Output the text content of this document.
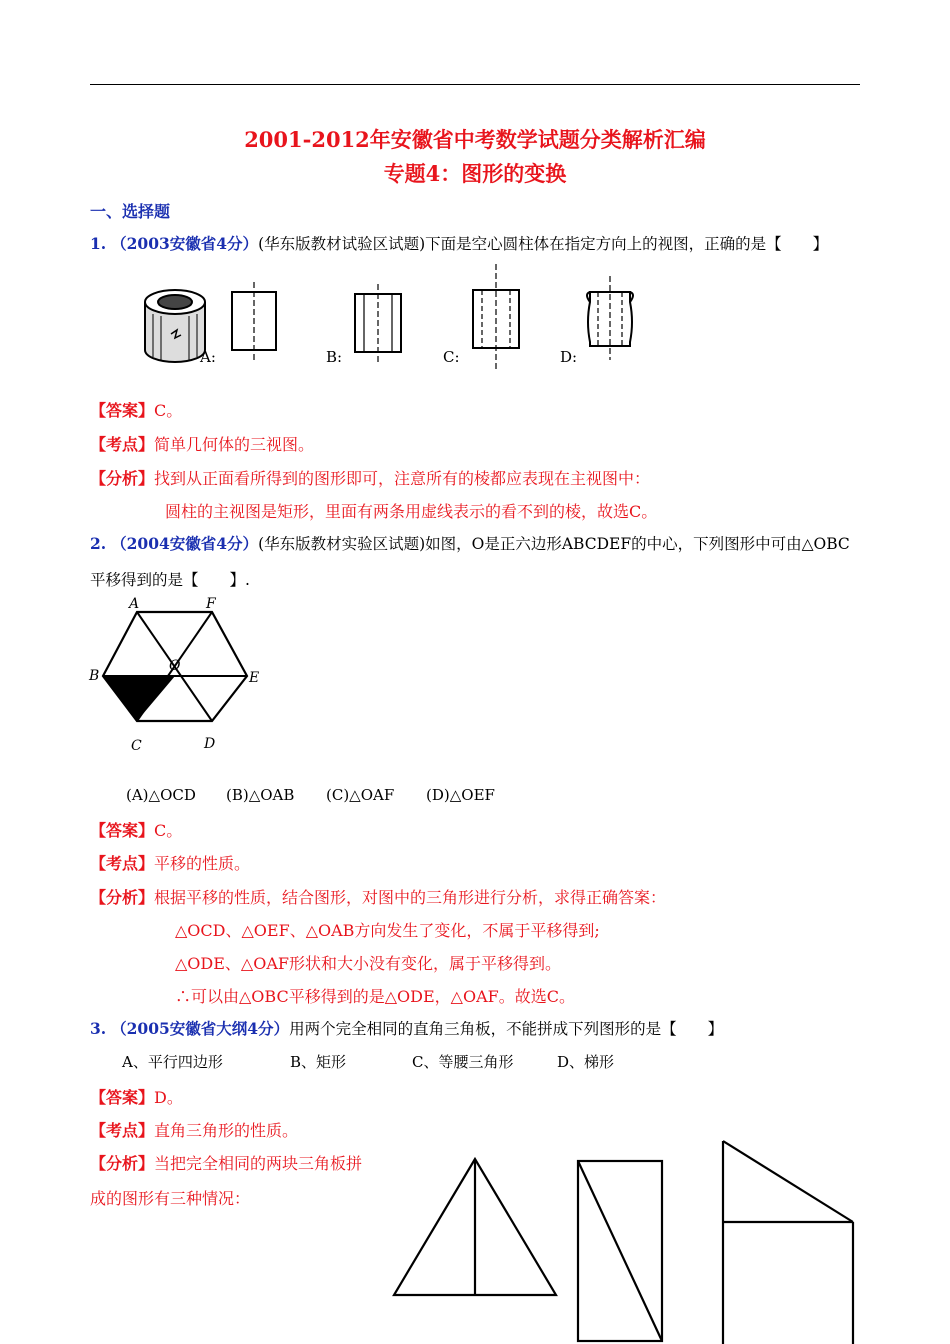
2001-2012年安徽省中考数学试题分类解析汇编
专题4：图形的变换
一、选择题
1. （2003安徽省4分）(华东版教材试验区试题)下面是空心圆柱体在指定方向上的视图，正确的是【　　】
A:	B:	C:	D:
【答案】C。
【考点】简单几何体的三视图。
【分析】找到从正面看所得到的图形即可，注意所有的棱都应表现在主视图中：
圆柱的主视图是矩形，里面有两条用虚线表示的看不到的棱，故选C。
2. （2004安徽省4分）(华东版教材实验区试题)如图，O是正六边形ABCDEF的中心，下列图形中可由△OBC
平移得到的是【　　】.
A	F
B
O
E
C	D
(A)△OCD (B)△OAB (C)△OAF (D)△OEF
【答案】C。
【考点】平移的性质。
【分析】根据平移的性质，结合图形，对图中的三角形进行分析，求得正确答案：
△OCD、△OEF、△OAB方向发生了变化，不属于平移得到;
△ODE、△OAF形状和大小没有变化，属于平移得到。
∴可以由△OBC平移得到的是△ODE，△OAF。故选C。
3. （2005安徽省大纲4分）用两个完全相同的直角三角板，不能拼成下列图形的是【　　】
A、平行四边形	B、矩形	C、等腰三角形	D、梯形
【答案】D。
【考点】直角三角形的性质。
【分析】当把完全相同的两块三角板拼
成的图形有三种情况：
